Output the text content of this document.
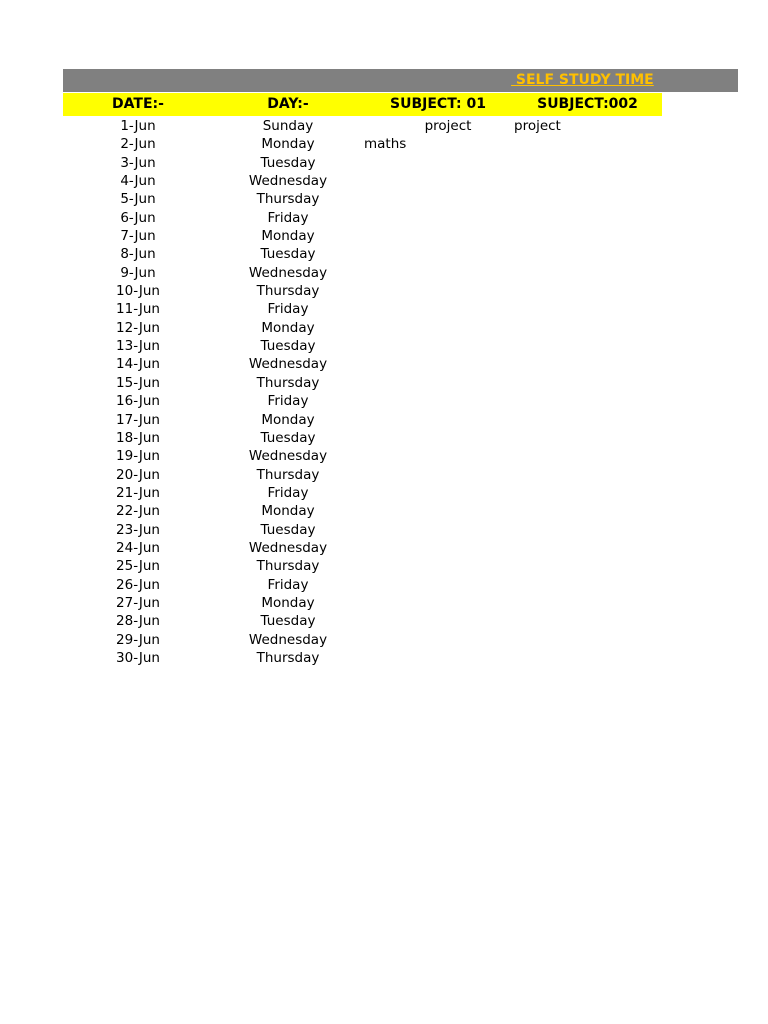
SELF STUDY TIME
DATE:-	DAY:-	SUBJECT: 01	SUBJECT:002
1-Jun	Sunday	project	project
2-Jun	Monday	maths
3-Jun	Tuesday
4-Jun	Wednesday
5-Jun	Thursday
6-Jun	Friday
7-Jun	Monday
8-Jun	Tuesday
9-Jun	Wednesday
10-Jun	Thursday
11-Jun	Friday
12-Jun	Monday
13-Jun	Tuesday
14-Jun	Wednesday
15-Jun	Thursday
16-Jun	Friday
17-Jun	Monday
18-Jun	Tuesday
19-Jun	Wednesday
20-Jun	Thursday
21-Jun	Friday
22-Jun	Monday
23-Jun	Tuesday
24-Jun	Wednesday
25-Jun	Thursday
26-Jun	Friday
27-Jun	Monday
28-Jun	Tuesday
29-Jun	Wednesday
30-Jun	Thursday
